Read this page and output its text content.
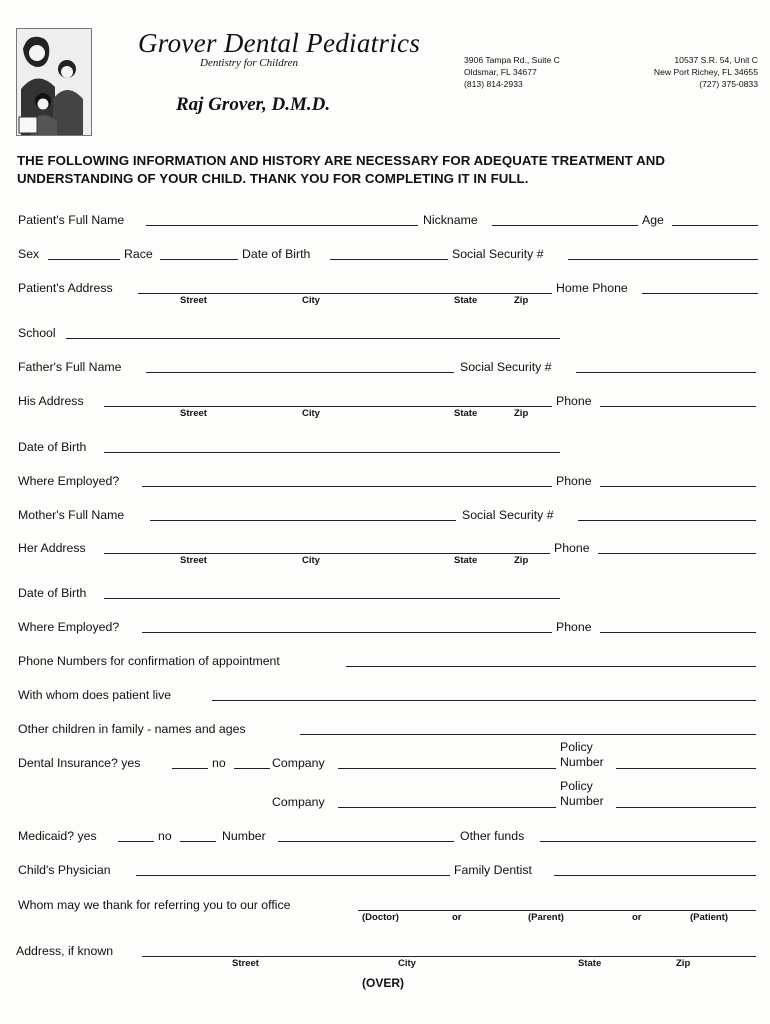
Grover Dental Pediatrics
Dentistry for Children
Raj Grover, D.M.D.
3906 Tampa Rd., Suite C
Oldsmar, FL 34677
(813) 814-2933
10537 S.R. 54, Unit C
New Port Richey, FL 34655
(727) 375-0833
THE FOLLOWING INFORMATION AND HISTORY ARE NECESSARY FOR ADEQUATE TREATMENT AND UNDERSTANDING OF YOUR CHILD. THANK YOU FOR COMPLETING IT IN FULL.
Patient's Full Name	Nickname	Age
Sex	Race	Date of Birth	Social Security #
Patient's Address	Home Phone
Street	City	State	Zip
School
Father's Full Name	Social Security #
His Address	Phone
Street	City	State	Zip
Date of Birth
Where Employed?	Phone
Mother's Full Name	Social Security #
Her Address	Phone
Street	City	State	Zip
Date of Birth
Where Employed?	Phone
Phone Numbers for confirmation of appointment
With whom does patient live
Other children in family - names and ages
Dental Insurance? yes	no	Company
Policy
Number
Company
Policy
Number
Medicaid? yes	no	Number	Other funds
Child's Physician	Family Dentist
Whom may we thank for referring you to our office
(Doctor)	or	(Parent)	or	(Patient)
Address, if known
Street	City	State	Zip
(OVER)
